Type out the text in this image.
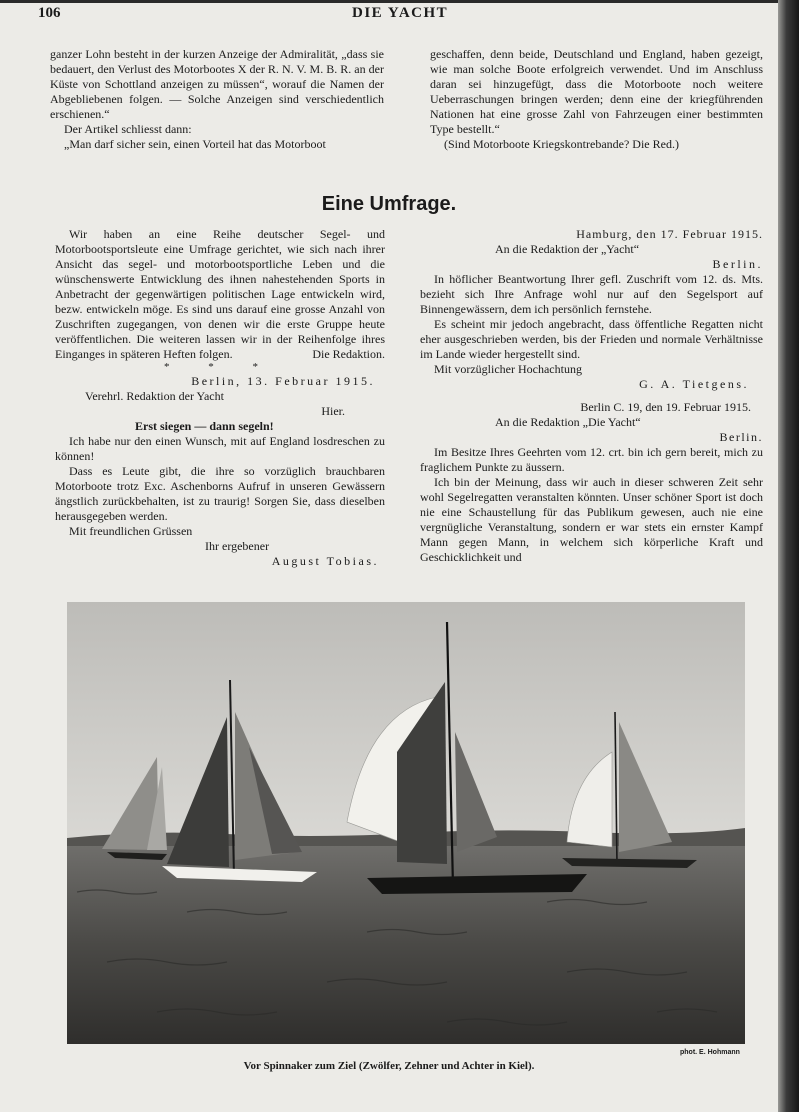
106	DIE YACHT

ganzer Lohn besteht in der kurzen Anzeige der Admiralität, „dass sie bedauert, den Verlust des Motorbootes X der R. N. V. M. B. R. an der Küste von Schottland anzeigen zu müssen“, worauf die Namen der Abgebliebenen folgen. — Solche Anzeigen sind verschiedentlich erschienen.“

Der Artikel schliesst dann:

„Man darf sicher sein, einen Vorteil hat das Motorboot

geschaffen, denn beide, Deutschland und England, haben gezeigt, wie man solche Boote erfolgreich verwendet. Und im Anschluss daran sei hinzugefügt, dass die Motorboote noch weitere Ueberraschungen bringen werden; denn eine der kriegführenden Nationen hat eine grosse Zahl von Fahrzeugen einer bestimmten Type bestellt.“

(Sind Motorboote Kriegskontrebande? Die Red.)

Eine Umfrage.

Wir haben an eine Reihe deutscher Segel- und Motorbootsportsleute eine Umfrage gerichtet, wie sich nach ihrer Ansicht das segel- und motorbootsportliche Leben und die wünschenswerte Entwicklung des ihnen nahestehenden Sports in Anbetracht der gegenwärtigen politischen Lage entwickeln wird, bezw. entwickeln möge. Es sind uns darauf eine grosse Anzahl von Zuschriften zugegangen, von denen wir die erste Gruppe heute veröffentlichen. Die weiteren lassen wir in der Reihenfolge ihres Einganges in späteren Heften folgen.	Die Redaktion.

* * *

Berlin, 13. Februar 1915.

Verehrl. Redaktion der Yacht

Hier.

Erst siegen — dann segeln!

Ich habe nur den einen Wunsch, mit auf England losdreschen zu können!

Dass es Leute gibt, die ihre so vorzüglich brauchbaren Motorboote trotz Exc. Aschenborns Aufruf in unseren Gewässern ängstlich zurückbehalten, ist zu traurig! Sorgen Sie, dass dieselben herausgegeben werden.

Mit freundlichen Grüssen

Ihr ergebener

August Tobias.

Hamburg, den 17. Februar 1915.

An die Redaktion der „Yacht“

Berlin.

In höflicher Beantwortung Ihrer gefl. Zuschrift vom 12. ds. Mts. bezieht sich Ihre Anfrage wohl nur auf den Segelsport auf Binnengewässern, dem ich persönlich fernstehe.

Es scheint mir jedoch angebracht, dass öffentliche Regatten nicht eher ausgeschrieben werden, bis der Frieden und normale Verhältnisse im Lande wieder hergestellt sind.

Mit vorzüglicher Hochachtung

G. A. Tietgens.

Berlin C. 19, den 19. Februar 1915.

An die Redaktion „Die Yacht“

Berlin.

Im Besitze Ihres Geehrten vom 12. crt. bin ich gern bereit, mich zu fraglichem Punkte zu äussern.

Ich bin der Meinung, dass wir auch in dieser schweren Zeit sehr wohl Segelregatten veranstalten könnten. Unser schöner Sport ist doch nie eine Schaustellung für das Publikum gewesen, auch nie eine vergnügliche Veranstaltung, sondern er war stets ein ernster Kampf Mann gegen Mann, in welchem sich körperliche Kraft und Geschicklichkeit und

phot. E. Hohmann
Vor Spinnaker zum Ziel (Zwölfer, Zehner und Achter in Kiel).
